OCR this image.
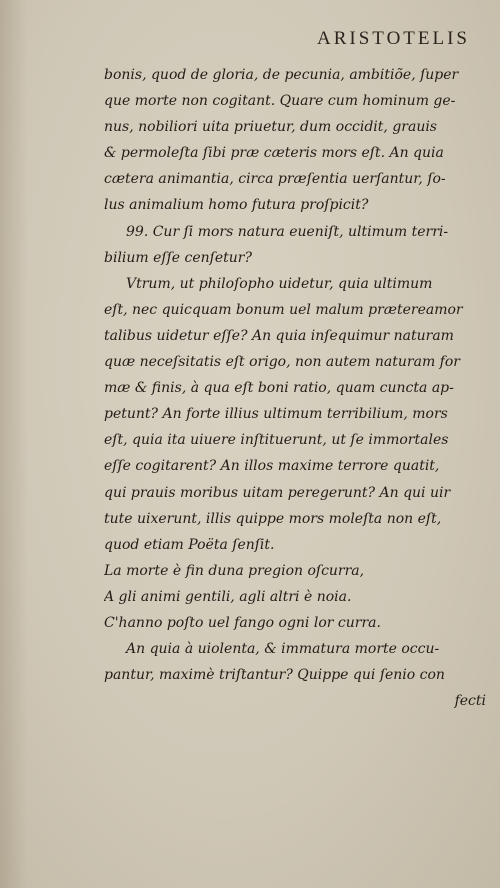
ARISTOTELIS
bonis, quod de gloria, de pecunia, ambitiõe, ſuper
que morte non cogitant. Quare cum hominum ge-
nus, nobiliori uita priuetur, dum occidit, grauis
& permoleſta ſibi præ cæteris mors eſt. An quia
cætera animantia, circa præſentia uerſantur, ſo-
lus animalium homo futura proſpicit?
99. Cur ſi mors natura eueniſt, ultimum terri-
bilium eſſe cenſetur?
Vtrum, ut philoſopho uidetur, quia ultimum
eſt, nec quicquam bonum uel malum prætereamor
talibus uidetur eſſe? An quia inſequimur naturam
quæ neceſsitatis eſt origo, non autem naturam for
mæ & finis, à qua eſt boni ratio, quam cunctа ap-
petunt? An forte illius ultimum terribilium, mors
eſt, quia ita uiuere inſtituerunt, ut ſe immortales
eſſe cogitarent? An illos maxime terrore quatit,
qui prauis moribus uitam peregerunt? An qui uir
tute uixerunt, illis quippe mors moleſta non eſt,
quod etiam Poëta ſenſit.
La morte è fin duna pregion oſcurra,
A gli animi gentili, agli altri è noia.
C'hanno poſto uel fango ogni lor curra.
An quia à uiolenta, & immatura morte occu-
pantur, maximè triſtantur? Quippe qui ſenio con
fecti
